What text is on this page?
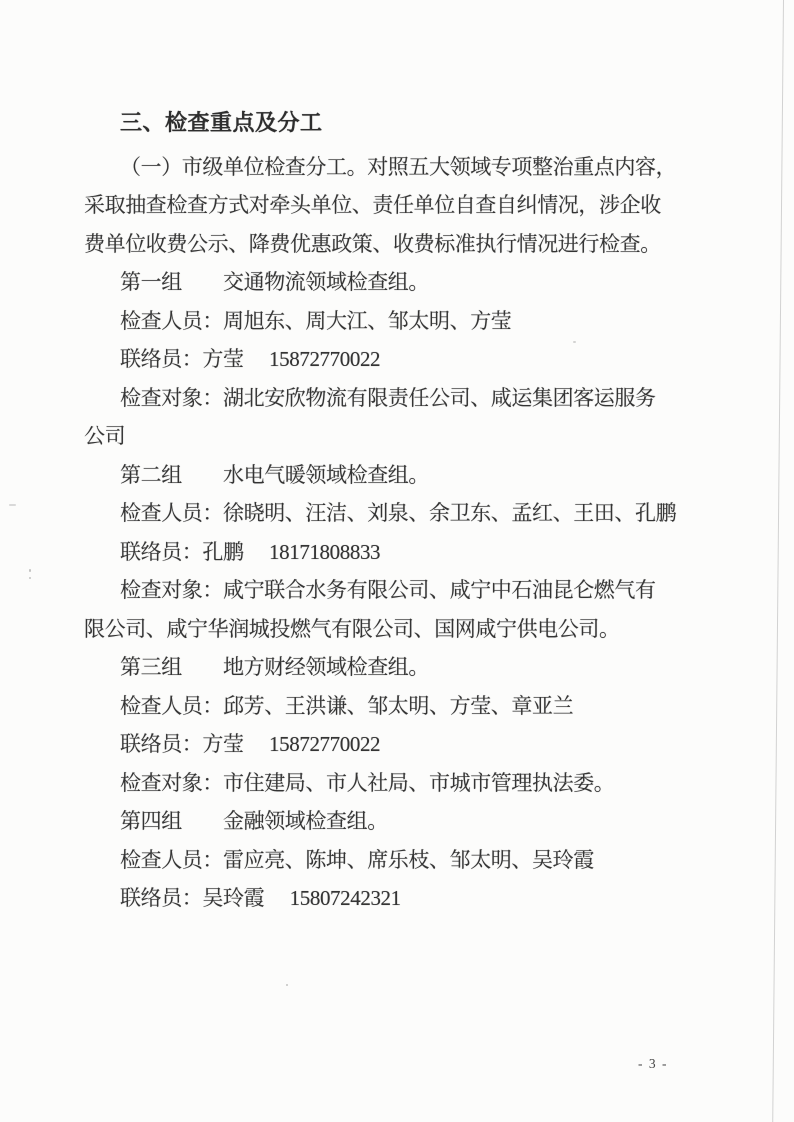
三、检查重点及分工
（一）市级单位检查分工。对照五大领域专项整治重点内容，
采取抽查检查方式对牵头单位、责任单位自查自纠情况，涉企收
费单位收费公示、降费优惠政策、收费标准执行情况进行检查。
第一组　　交通物流领域检查组。
检查人员：周旭东、周大江、邹太明、方莹
联络员：方莹　 15872770022
检查对象：湖北安欣物流有限责任公司、咸运集团客运服务
公司
第二组　　水电气暖领域检查组。
检查人员：徐晓明、汪洁、刘泉、余卫东、孟红、王田、孔鹏
联络员：孔鹏　 18171808833
检查对象：咸宁联合水务有限公司、咸宁中石油昆仑燃气有
限公司、咸宁华润城投燃气有限公司、国网咸宁供电公司。
第三组　　地方财经领域检查组。
检查人员：邱芳、王洪谦、邹太明、方莹、章亚兰
联络员：方莹　 15872770022
检查对象：市住建局、市人社局、市城市管理执法委。
第四组　　金融领域检查组。
检查人员：雷应亮、陈坤、席乐枝、邹太明、吴玲霞
联络员：吴玲霞　 15807242321
- 3 -
